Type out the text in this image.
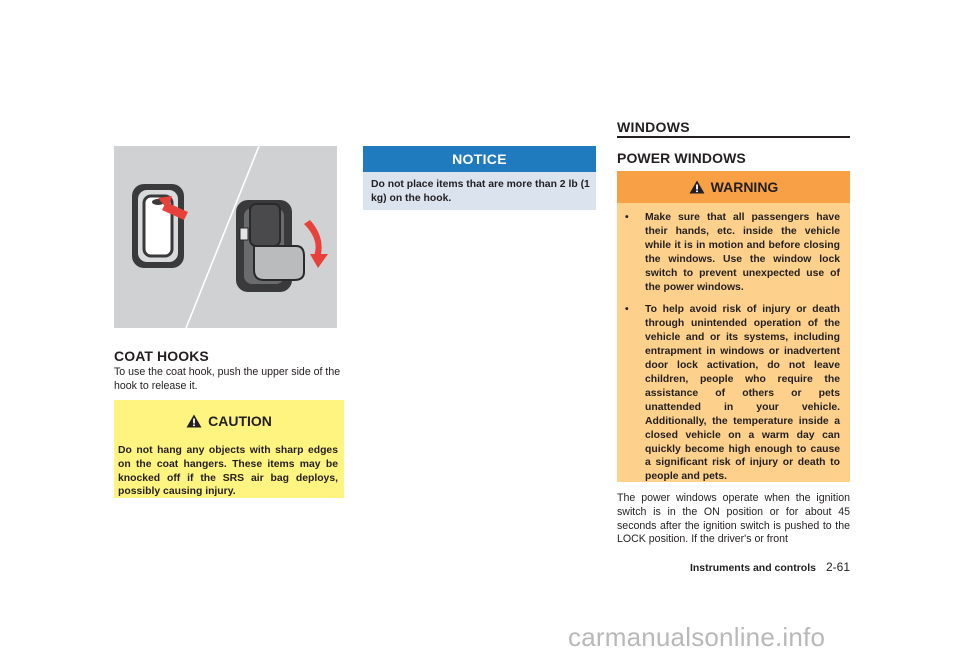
COAT HOOKS

To use the coat hook, push the upper side of the hook to release it.

CAUTION

Do not hang any objects with sharp edges on the coat hangers. These items may be knocked off if the SRS air bag deploys, possibly causing injury.

NOTICE

Do not place items that are more than 2 lb (1 kg) on the hook.

WINDOWS
POWER WINDOWS
WARNING
• Make sure that all passengers have their hands, etc. inside the vehicle while it is in motion and before closing the windows. Use the window lock switch to prevent unexpected use of the power windows.
• To help avoid risk of injury or death through unintended operation of the vehicle and or its systems, including entrapment in windows or inadvertent door lock activation, do not leave children, people who require the assistance of others or pets unattended in your vehicle. Additionally, the temperature inside a closed vehicle on a warm day can quickly become high enough to cause a significant risk of injury or death to people and pets.

The power windows operate when the ignition switch is in the ON position or for about 45 seconds after the ignition switch is pushed to the LOCK position. If the driver's or front

Instruments and controls 2-61
carmanualsonline.info
